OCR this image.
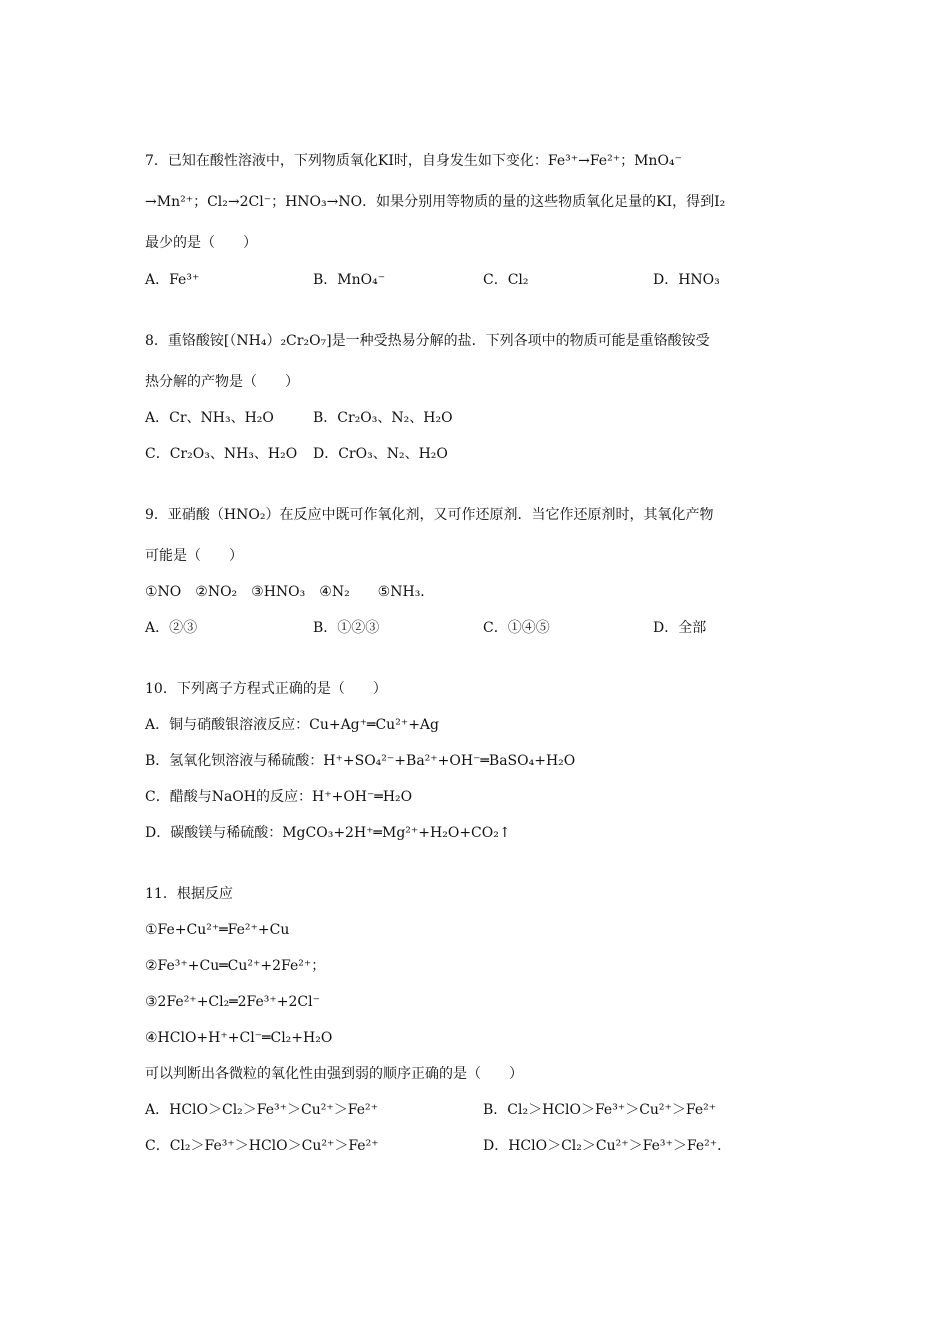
7．已知在酸性溶液中，下列物质氧化KI时，自身发生如下变化：Fe³⁺→Fe²⁺；MnO₄⁻
→Mn²⁺；Cl₂→2Cl⁻；HNO₃→NO．如果分别用等物质的量的这些物质氧化足量的KI，得到I₂
最少的是（　　）
A．Fe³⁺	B．MnO₄⁻	C．Cl₂	D．HNO₃
8．重铬酸铵[（NH₄）₂Cr₂O₇]是一种受热易分解的盐．下列各项中的物质可能是重铬酸铵受
热分解的产物是（　　）
A．Cr、NH₃、H₂O	B．Cr₂O₃、N₂、H₂O
C．Cr₂O₃、NH₃、H₂O D．CrO₃、N₂、H₂O
9．亚硝酸（HNO₂）在反应中既可作氧化剂，又可作还原剂．当它作还原剂时，其氧化产物
可能是（　　）
①NO　②NO₂　③HNO₃　④N₂　　⑤NH₃．
A．②③	B．①②③	C．①④⑤	D．全部
10．下列离子方程式正确的是（　　）
A．铜与硝酸银溶液反应：Cu+Ag⁺═Cu²⁺+Ag
B．氢氧化钡溶液与稀硫酸：H⁺+SO₄²⁻+Ba²⁺+OH⁻═BaSO₄+H₂O
C．醋酸与NaOH的反应：H⁺+OH⁻═H₂O
D．碳酸镁与稀硫酸：MgCO₃+2H⁺═Mg²⁺+H₂O+CO₂↑
11．根据反应
①Fe+Cu²⁺═Fe²⁺+Cu
②Fe³⁺+Cu═Cu²⁺+2Fe²⁺；
③2Fe²⁺+Cl₂═2Fe³⁺+2Cl⁻
④HClO+H⁺+Cl⁻═Cl₂+H₂O
可以判断出各微粒的氧化性由强到弱的顺序正确的是（　　）
A．HClO＞Cl₂＞Fe³⁺＞Cu²⁺＞Fe²⁺	B．Cl₂＞HClO＞Fe³⁺＞Cu²⁺＞Fe²⁺
C．Cl₂＞Fe³⁺＞HClO＞Cu²⁺＞Fe²⁺	D．HClO＞Cl₂＞Cu²⁺＞Fe³⁺＞Fe²⁺．
